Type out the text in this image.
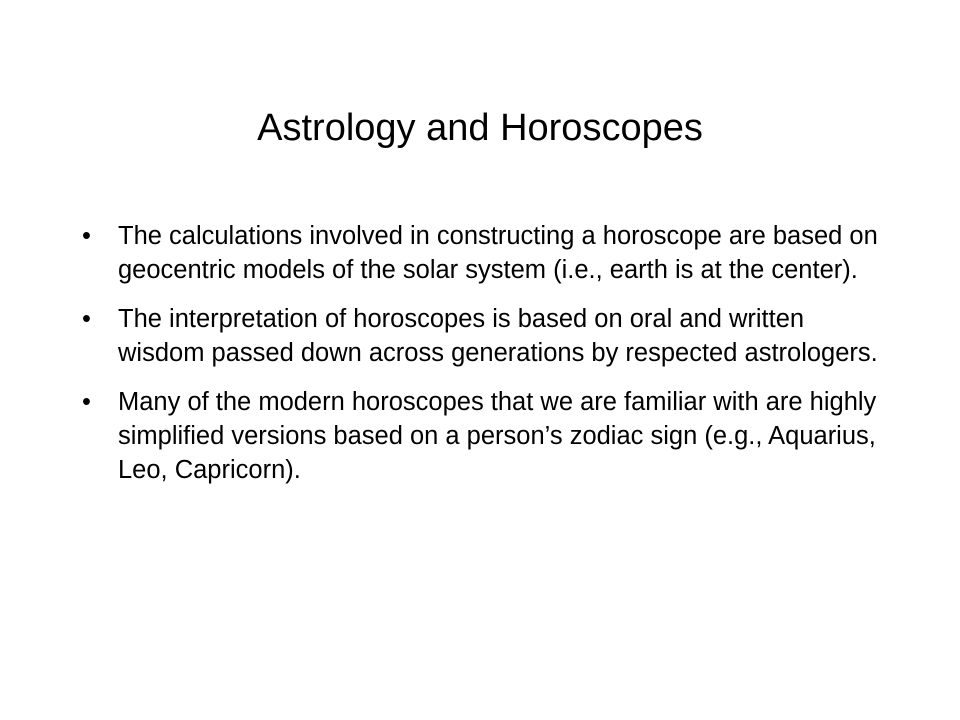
Astrology and Horoscopes
•	The calculations involved in constructing a horoscope are based on geocentric models of the solar system (i.e., earth is at the center).
•	The interpretation of horoscopes is based on oral and written wisdom passed down across generations by respected astrologers.
•	Many of the modern horoscopes that we are familiar with are highly simplified versions based on a person’s zodiac sign (e.g., Aquarius, Leo, Capricorn).
